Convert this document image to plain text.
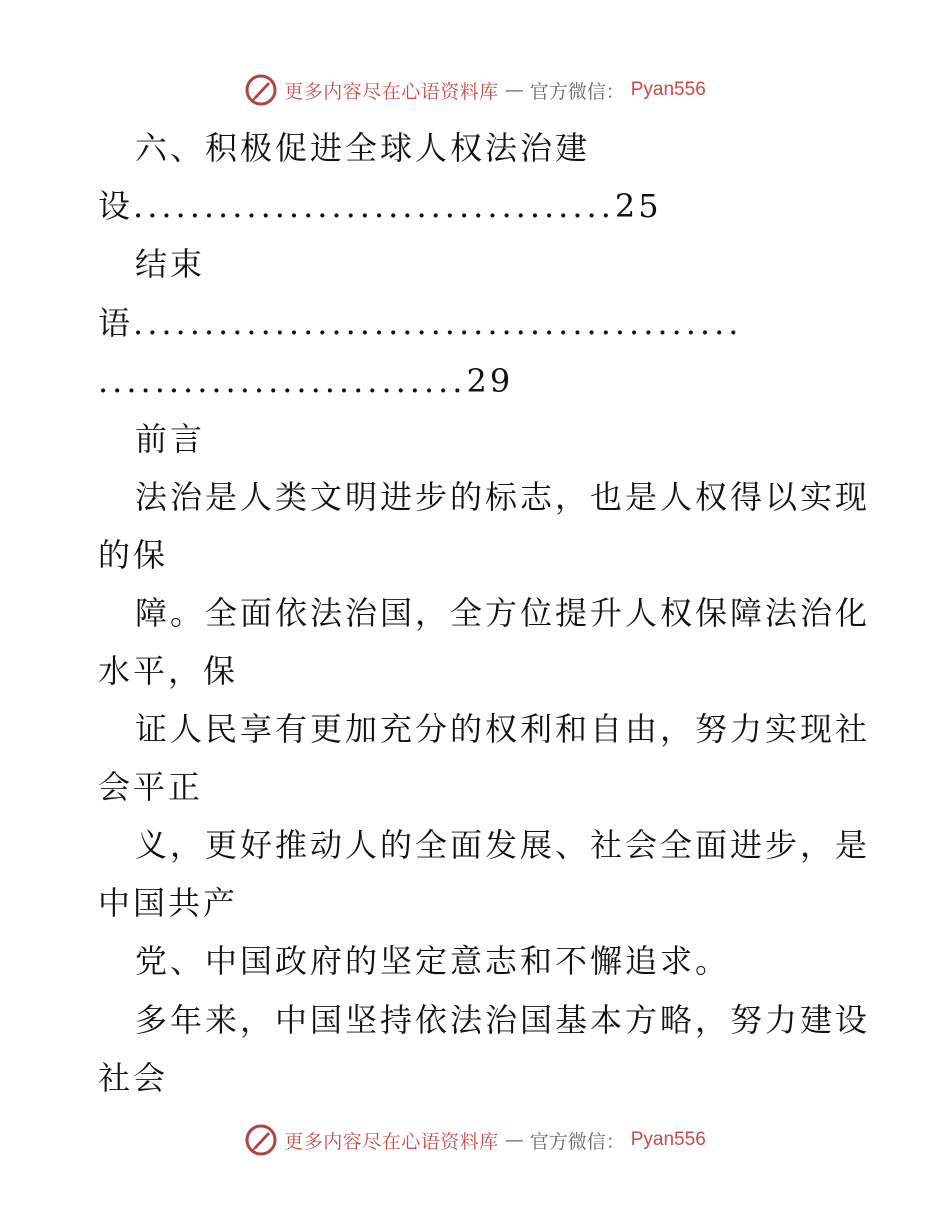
更多内容尽在心语资料库 — 官方微信： Pyan556
六、积极促进全球人权法治建
设..................................25
结束
语...........................................
..........................29
前言
法治是人类文明进步的标志，也是人权得以实现
的保
障。全面依法治国，全方位提升人权保障法治化
水平，保
证人民享有更加充分的权利和自由，努力实现社
会平正
义，更好推动人的全面发展、社会全面进步，是
中国共产
党、中国政府的坚定意志和不懈追求。
多年来，中国坚持依法治国基本方略，努力建设
社会
更多内容尽在心语资料库 — 官方微信： Pyan556
